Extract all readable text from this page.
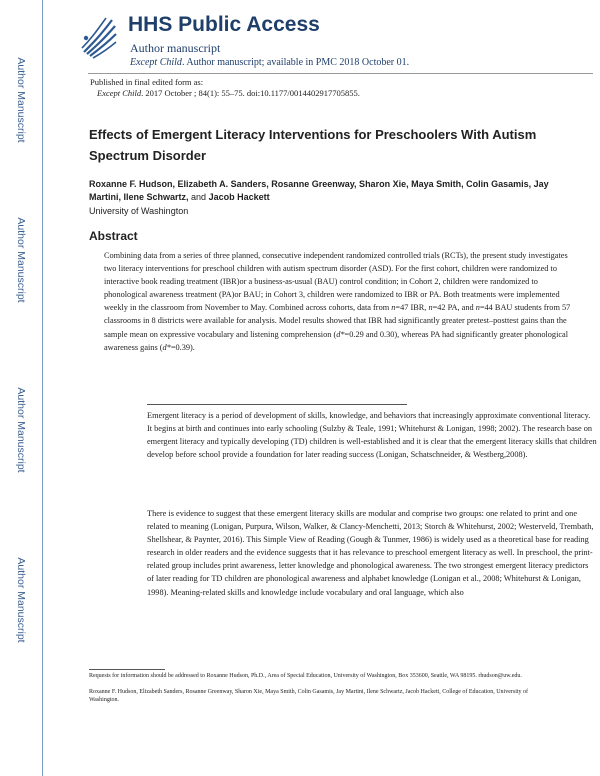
Author Manuscript
Author Manuscript
Author Manuscript
Author Manuscript
HHS Public Access
Author manuscript
Except Child. Author manuscript; available in PMC 2018 October 01.
Published in final edited form as:
Except Child. 2017 October ; 84(1): 55–75. doi:10.1177/0014402917705855.
Effects of Emergent Literacy Interventions for Preschoolers With Autism Spectrum Disorder
Roxanne F. Hudson, Elizabeth A. Sanders, Rosanne Greenway, Sharon Xie, Maya Smith, Colin Gasamis, Jay Martini, Ilene Schwartz, and Jacob Hackett
University of Washington
Abstract
Combining data from a series of three planned, consecutive independent randomized controlled trials (RCTs), the present study investigates two literacy interventions for preschool children with autism spectrum disorder (ASD). For the first cohort, children were randomized to interactive book reading treatment (IBR)or a business-as-usual (BAU) control condition; in Cohort 2, children were randomized to phonological awareness treatment (PA)or BAU; in Cohort 3, children were randomized to IBR or PA. Both treatments were implemented weekly in the classroom from November to May. Combined across cohorts, data from n=47 IBR, n=42 PA, and n=44 BAU students from 57 classrooms in 8 districts were available for analysis. Model results showed that IBR had significantly greater pretest–posttest gains than the sample mean on expressive vocabulary and listening comprehension (d*=0.29 and 0.30), whereas PA had significantly greater phonological awareness gains (d*=0.39).
Emergent literacy is a period of development of skills, knowledge, and behaviors that increasingly approximate conventional literacy. It begins at birth and continues into early schooling (Sulzby & Teale, 1991; Whitehurst & Lonigan, 1998; 2002). The research base on emergent literacy and typically developing (TD) children is well-established and it is clear that the emergent literacy skills that children develop before school provide a foundation for later reading success (Lonigan, Schatschneider, & Westberg,2008).
There is evidence to suggest that these emergent literacy skills are modular and comprise two groups: one related to print and one related to meaning (Lonigan, Purpura, Wilson, Walker, & Clancy-Menchetti, 2013; Storch & Whitehurst, 2002; Westerveld, Trembath, Shellshear, & Paynter, 2016). This Simple View of Reading (Gough & Tunmer, 1986) is widely used as a theoretical base for reading research in older readers and the evidence suggests that it has relevance to preschool emergent literacy as well. In preschool, the print-related group includes print awareness, letter knowledge and phonological awareness. The two strongest emergent literacy predictors of later reading for TD children are phonological awareness and alphabet knowledge (Lonigan et al., 2008; Whitehurst & Lonigan, 1998). Meaning-related skills and knowledge include vocabulary and oral language, which also
Requests for information should be addressed to Roxanne Hudson, Ph.D., Area of Special Education, University of Washington, Box 353600, Seattle, WA 98195. rhudson@uw.edu.
Roxanne F. Hudson, Elizabeth Sanders, Rosanne Greenway, Sharon Xie, Maya Smith, Colin Gasamis, Jay Martini, Ilene Schwartz, Jacob Hackett, College of Education, University of Washington.
